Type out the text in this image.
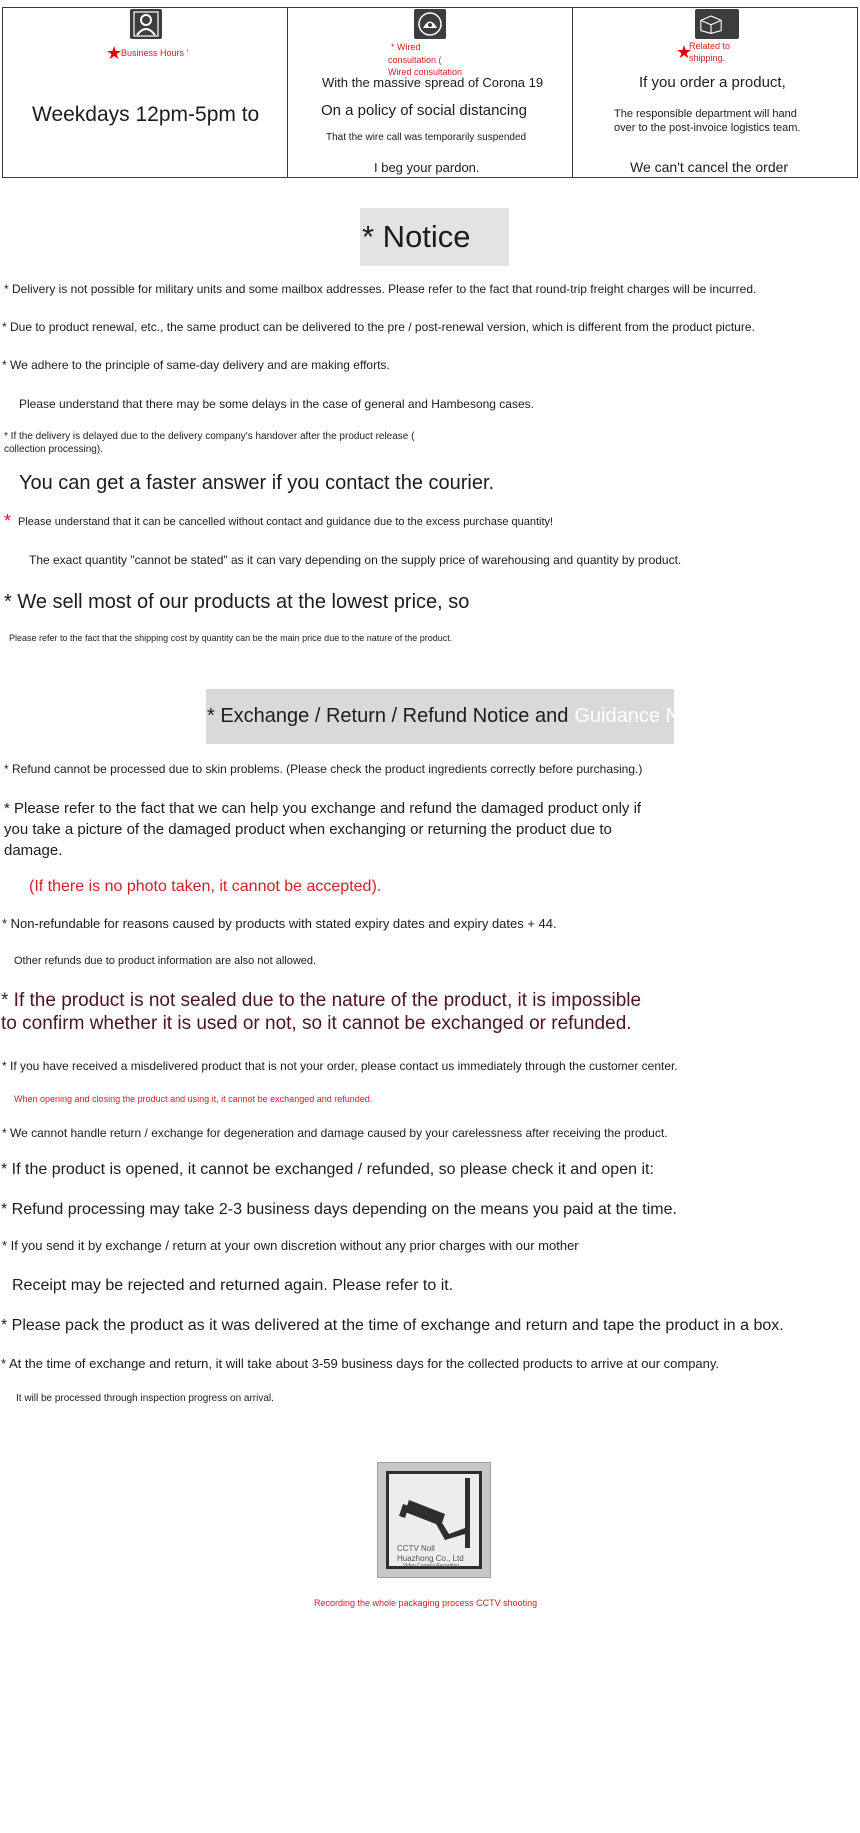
★
Business Hours '
Weekdays 12pm-5pm to
* Wired
consultation (
Wired consultation
With the massive spread of Corona 19
On a policy of social distancing
That the wire call was temporarily suspended
I beg your pardon.
★
Related to
shipping.
If you order a product,
The responsible department will hand
over to the post-invoice logistics team.
We can't cancel the order
* Notice
* Delivery is not possible for military units and some mailbox addresses. Please refer to the fact that round-trip freight charges will be incurred.
* Due to product renewal, etc., the same product can be delivered to the pre / post-renewal version, which is different from the product picture.
* We adhere to the principle of same-day delivery and are making efforts.
Please understand that there may be some delays in the case of general and Hambesong cases.
* If the delivery is delayed due to the delivery company's handover after the product release (
collection processing).
You can get a faster answer if you contact the courier.
* Please understand that it can be cancelled without contact and guidance due to the excess purchase quantity!
The exact quantity "cannot be stated" as it can vary depending on the supply price of warehousing and quantity by product.
* We sell most of our products at the lowest price, so
Please refer to the fact that the shipping cost by quantity can be the main price due to the nature of the product.
* Exchange / Return / Refund Notice and Guidance Notes
* Refund cannot be processed due to skin problems. (Please check the product ingredients correctly before purchasing.)
* Please refer to the fact that we can help you exchange and refund the damaged product only if
you take a picture of the damaged product when exchanging or returning the product due to
damage.
(If there is no photo taken, it cannot be accepted).
* Non-refundable for reasons caused by products with stated expiry dates and expiry dates + 44.
Other refunds due to product information are also not allowed.
* If the product is not sealed due to the nature of the product, it is impossible
to confirm whether it is used or not, so it cannot be exchanged or refunded.
* If you have received a misdelivered product that is not your order, please contact us immediately through the customer center.
When opening and closing the product and using it, it cannot be exchanged and refunded.
* We cannot handle return / exchange for degeneration and damage caused by your carelessness after receiving the product.
* If the product is opened, it cannot be exchanged / refunded, so please check it and open it:
* Refund processing may take 2-3 business days depending on the means you paid at the time.
* If you send it by exchange / return at your own discretion without any prior charges with our mother
Receipt may be rejected and returned again. Please refer to it.
* Please pack the product as it was delivered at the time of exchange and return and tape the product in a box.
* At the time of exchange and return, it will take about 3-59 business days for the collected products to arrive at our company.
It will be processed through inspection progress on arrival.
CCTV Noll
Huazhong Co., Ltd
Video Camera Recording
Recording the whole packaging process CCTV shooting
